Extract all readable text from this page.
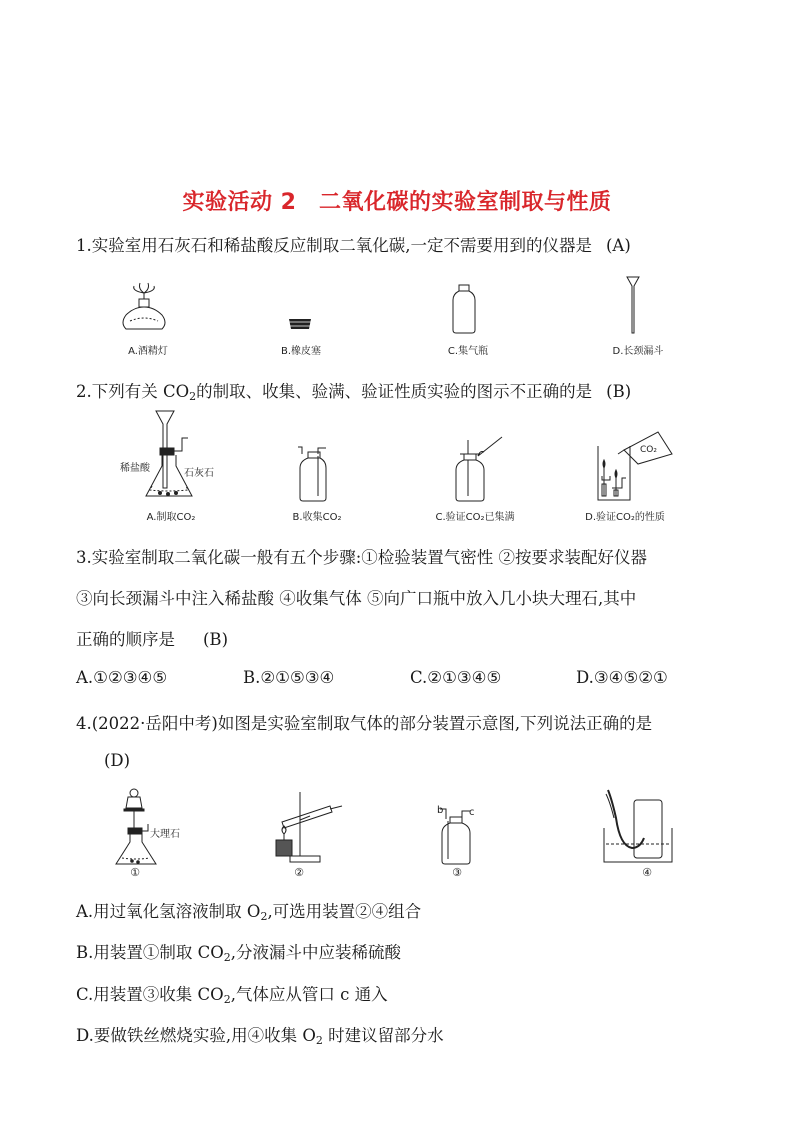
实验活动 2　二氧化碳的实验室制取与性质
1.实验室用石灰石和稀盐酸反应制取二氧化碳,一定不需要用到的仪器是 (A)
A.酒精灯	B.橡皮塞	C.集气瓶	D.长颈漏斗
2.下列有关 $CO_2$的制取、收集、验满、验证性质实验的图示不正确的是 (B)
稀盐酸	石灰石
CO₂
A.制取CO₂	B.收集CO₂	C.验证CO₂已集满	D.验证CO₂的性质
3.实验室制取二氧化碳一般有五个步骤:①检验装置气密性 ②按要求装配好仪器
③向长颈漏斗中注入稀盐酸 ④收集气体 ⑤向广口瓶中放入几小块大理石,其中
正确的顺序是 (B)
A.①②③④⑤	B.②①⑤③④	C.②①③④⑤	D.③④⑤②①
4.(2022·岳阳中考)如图是实验室制取气体的部分装置示意图,下列说法正确的是
(D)
大理石
b	c
①	②	③	④
A.用过氧化氢溶液制取 $O_2$,可选用装置②④组合
B.用装置①制取 $CO_2$,分液漏斗中应装稀硫酸
C.用装置③收集 $CO_2$,气体应从管口 c 通入
D.要做铁丝燃烧实验,用④收集 $O_2$ 时建议留部分水
